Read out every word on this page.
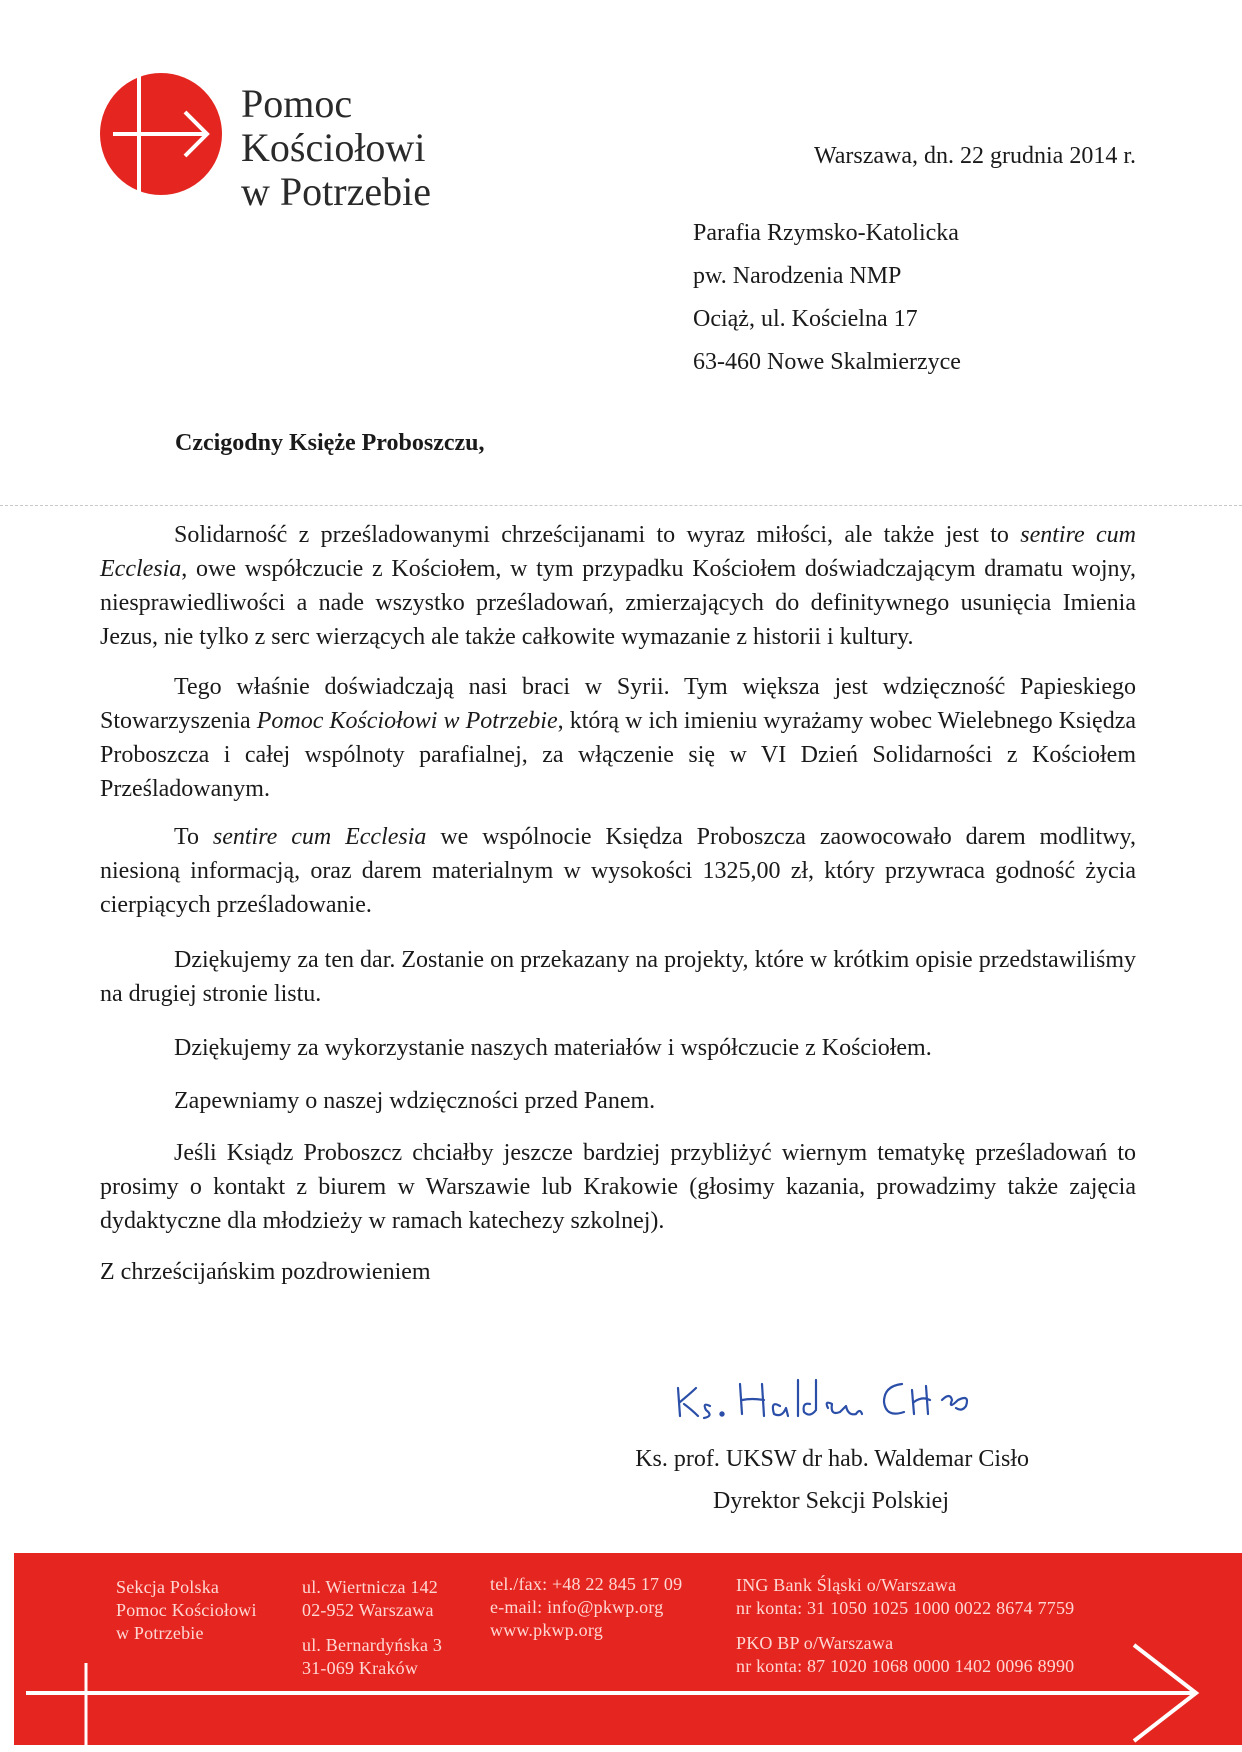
Pomoc
Kościołowi
w Potrzebie
Warszawa, dn. 22 grudnia 2014 r.
Parafia Rzymsko-Katolicka
pw. Narodzenia NMP
Ociąż, ul. Kościelna 17
63-460 Nowe Skalmierzyce
Czcigodny Księże Proboszczu,

Solidarność z prześladowanymi chrześcijanami to wyraz miłości, ale także jest to sentire cum Ecclesia, owe współczucie z Kościołem, w tym przypadku Kościołem doświadczającym dramatu wojny, niesprawiedliwości a nade wszystko prześladowań, zmierzających do definitywnego usunięcia Imienia Jezus, nie tylko z serc wierzących ale także całkowite wymazanie z historii i kultury.

Tego właśnie doświadczają nasi braci w Syrii. Tym większa jest wdzięczność Papieskiego Stowarzyszenia Pomoc Kościołowi w Potrzebie, którą w ich imieniu wyrażamy wobec Wielebnego Księdza Proboszcza i całej wspólnoty parafialnej, za włączenie się w VI Dzień Solidarności z Kościołem Prześladowanym.

To sentire cum Ecclesia we wspólnocie Księdza Proboszcza zaowocowało darem modlitwy, niesioną informacją, oraz darem materialnym w wysokości 1325,00 zł, który przywraca godność życia cierpiących prześladowanie.

Dziękujemy za ten dar. Zostanie on przekazany na projekty, które w krótkim opisie przedstawiliśmy na drugiej stronie listu.

Dziękujemy za wykorzystanie naszych materiałów i współczucie z Kościołem.

Zapewniamy o naszej wdzięczności przed Panem.

Jeśli Ksiądz Proboszcz chciałby jeszcze bardziej przybliżyć wiernym tematykę prześladowań to prosimy o kontakt z biurem w Warszawie lub Krakowie (głosimy kazania, prowadzimy także zajęcia dydaktyczne dla młodzieży w ramach katechezy szkolnej).

Z chrześcijańskim pozdrowieniem
Ks. prof. UKSW dr hab. Waldemar Cisło
Dyrektor Sekcji Polskiej
Sekcja Polska
Pomoc Kościołowi
w Potrzebie
ul. Wiertnicza 142
02-952 Warszawa
ul. Bernardyńska 3
31-069 Kraków
tel./fax: +48 22 845 17 09
e-mail: info@pkwp.org
www.pkwp.org
ING Bank Śląski o/Warszawa
nr konta: 31 1050 1025 1000 0022 8674 7759
PKO BP o/Warszawa
nr konta: 87 1020 1068 0000 1402 0096 8990
